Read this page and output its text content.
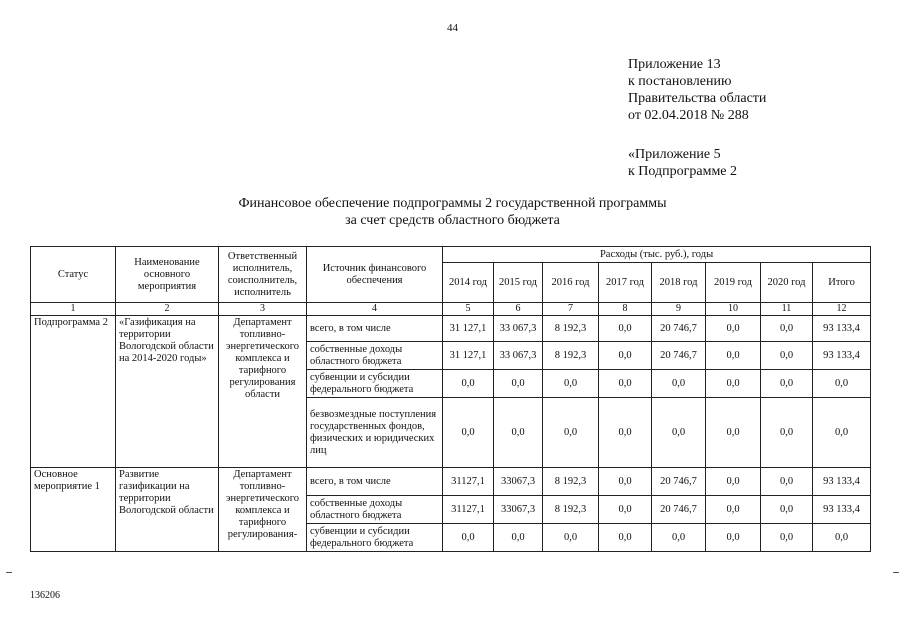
44
Приложение 13
к постановлению
Правительства области
от 02.04.2018 № 288
«Приложение 5
к Подпрограмме 2
Финансовое обеспечение подпрограммы 2 государственной программы
за счет средств областного бюджета
Статус	Наименование основного мероприятия	Ответственный исполнитель, соисполнитель, исполнитель	Источник финансового обеспечения	Расходы (тыс. руб.), годы							
				2014 год	2015 год	2016 год	2017 год	2018 год	2019 год	2020 год	Итого
1	2	3	4	5	6	7	8	9	10	11	12
Подпрограмма 2	«Газификация на территории Вологодской области на 2014-2020 годы»	Департамент топливно-энергетического комплекса и тарифного регулирования области	всего, в том числе	31 127,1	33 067,3	8 192,3	0,0	20 746,7	0,0	0,0	93 133,4
			собственные доходы областного бюджета	31 127,1	33 067,3	8 192,3	0,0	20 746,7	0,0	0,0	93 133,4
			субвенции и субсидии федерального бюджета	0,0	0,0	0,0	0,0	0,0	0,0	0,0	0,0
			безвозмездные поступления государственных фондов, физических и юридических лиц	0,0	0,0	0,0	0,0	0,0	0,0	0,0	0,0
Основное мероприятие 1	Развитие газификации на территории Вологодской области	Департамент топливно-энергетического комплекса и тарифного регулирования-	всего, в том числе	31127,1	33067,3	8 192,3	0,0	20 746,7	0,0	0,0	93 133,4
			собственные доходы областного бюджета	31127,1	33067,3	8 192,3	0,0	20 746,7	0,0	0,0	93 133,4
			субвенции и субсидии федерального бюджета	0,0	0,0	0,0	0,0	0,0	0,0	0,0	0,0
136206
